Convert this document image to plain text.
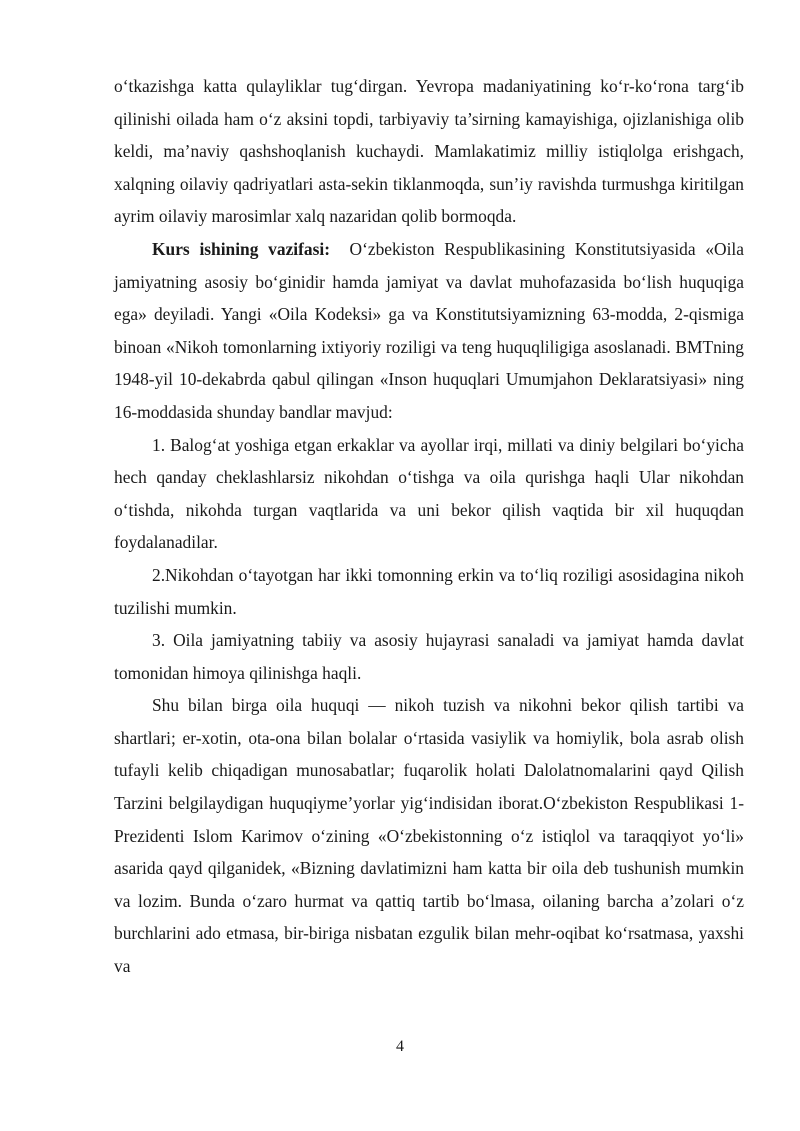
o‘tkazishga katta qulayliklar tug‘dirgan. Yevropa madaniyatining ko‘r-ko‘rona targ‘ib qilinishi oilada ham o‘z aksini topdi, tarbiyaviy ta’sirning kamayishiga, ojizlanishiga olib keldi, ma’naviy qashshoqlanish kuchaydi. Mamlakatimiz milliy istiqlolga erishgach, xalqning oilaviy qadriyatlari asta-sekin tiklanmoqda, sun’iy ravishda turmushga kiritilgan ayrim oilaviy marosimlar xalq nazaridan qolib bormoqda.

Kurs ishining vazifasi: O‘zbekiston Respublikasining Konstitutsiyasida «Oila jamiyatning asosiy bo‘ginidir hamda jamiyat va davlat muhofazasida bo‘lish huquqiga ega» deyiladi. Yangi «Oila Kodeksi» ga va Konstitutsiyamizning 63-modda, 2-qismiga binoan «Nikoh tomonlarning ixtiyoriy roziligi va teng huquqliligiga asoslanadi. BMTning 1948-yil 10-dekabrda qabul qilingan «Inson huquqlari Umumjahon Deklaratsiyasi» ning 16-moddasida shunday bandlar mavjud:

1. Balog‘at yoshiga etgan erkaklar va ayollar irqi, millati va diniy belgilari bo‘yicha hech qanday cheklashlarsiz nikohdan o‘tishga va oila qurishga haqli Ular nikohdan o‘tishda, nikohda turgan vaqtlarida va uni bekor qilish vaqtida bir xil huquqdan foydalanadilar.

2.Nikohdan o‘tayotgan har ikki tomonning erkin va to‘liq roziligi asosidagina nikoh tuzilishi mumkin.

3. Oila jamiyatning tabiiy va asosiy hujayrasi sanaladi va jamiyat hamda davlat tomonidan himoya qilinishga haqli.

Shu bilan birga oila huquqi — nikoh tuzish va nikohni bekor qilish tartibi va shartlari; er-xotin, ota-ona bilan bolalar o‘rtasida vasiylik va homiylik, bola asrab olish tufayli kelib chiqadigan munosabatlar; fuqarolik holati Dalolatnomalarini qayd Qilish Tarzini belgilaydigan huquqiyme’yorlar yig‘indisidan iborat.O‘zbekiston Respublikasi 1-Prezidenti Islom Karimov o‘zining «O‘zbekistonning o‘z istiqlol va taraqqiyot yo‘li» asarida qayd qilganidek, «Bizning davlatimizni ham katta bir oila deb tushunish mumkin va lozim. Bunda o‘zaro hurmat va qattiq tartib bo‘lmasa, oilaning barcha a’zolari o‘z burchlarini ado etmasa, bir-biriga nisbatan ezgulik bilan mehr-oqibat ko‘rsatmasa, yaxshi va

4
